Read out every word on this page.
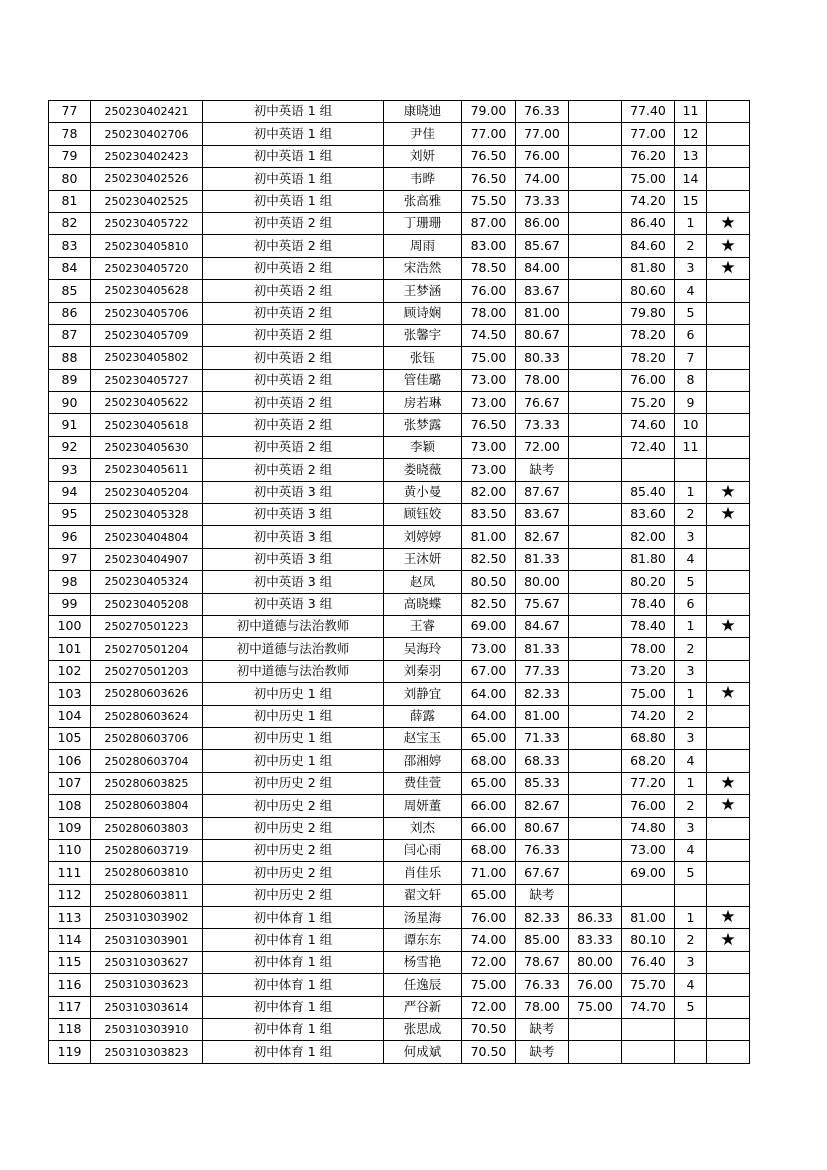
77	250230402421	初中英语 1 组	康晓迪	79.00	76.33		77.40	11	
78	250230402706	初中英语 1 组	尹佳	77.00	77.00		77.00	12	
79	250230402423	初中英语 1 组	刘妍	76.50	76.00		76.20	13	
80	250230402526	初中英语 1 组	韦晔	76.50	74.00		75.00	14	
81	250230402525	初中英语 1 组	张高雅	75.50	73.33		74.20	15	
82	250230405722	初中英语 2 组	丁珊珊	87.00	86.00		86.40	1	★
83	250230405810	初中英语 2 组	周雨	83.00	85.67		84.60	2	★
84	250230405720	初中英语 2 组	宋浩然	78.50	84.00		81.80	3	★
85	250230405628	初中英语 2 组	王梦涵	76.00	83.67		80.60	4	
86	250230405706	初中英语 2 组	顾诗娴	78.00	81.00		79.80	5	
87	250230405709	初中英语 2 组	张馨宇	74.50	80.67		78.20	6	
88	250230405802	初中英语 2 组	张钰	75.00	80.33		78.20	7	
89	250230405727	初中英语 2 组	管佳璐	73.00	78.00		76.00	8	
90	250230405622	初中英语 2 组	房若琳	73.00	76.67		75.20	9	
91	250230405618	初中英语 2 组	张梦露	76.50	73.33		74.60	10	
92	250230405630	初中英语 2 组	李颖	73.00	72.00		72.40	11	
93	250230405611	初中英语 2 组	娄晓薇	73.00	缺考				
94	250230405204	初中英语 3 组	黄小曼	82.00	87.67		85.40	1	★
95	250230405328	初中英语 3 组	顾钰姣	83.50	83.67		83.60	2	★
96	250230404804	初中英语 3 组	刘婷婷	81.00	82.67		82.00	3	
97	250230404907	初中英语 3 组	王沐妍	82.50	81.33		81.80	4	
98	250230405324	初中英语 3 组	赵凤	80.50	80.00		80.20	5	
99	250230405208	初中英语 3 组	高晓蝶	82.50	75.67		78.40	6	
100	250270501223	初中道德与法治教师	王睿	69.00	84.67		78.40	1	★
101	250270501204	初中道德与法治教师	吴海玲	73.00	81.33		78.00	2	
102	250270501203	初中道德与法治教师	刘秦羽	67.00	77.33		73.20	3	
103	250280603626	初中历史 1 组	刘静宜	64.00	82.33		75.00	1	★
104	250280603624	初中历史 1 组	薛露	64.00	81.00		74.20	2	
105	250280603706	初中历史 1 组	赵宝玉	65.00	71.33		68.80	3	
106	250280603704	初中历史 1 组	邵湘婷	68.00	68.33		68.20	4	
107	250280603825	初中历史 2 组	费佳萱	65.00	85.33		77.20	1	★
108	250280603804	初中历史 2 组	周妍董	66.00	82.67		76.00	2	★
109	250280603803	初中历史 2 组	刘杰	66.00	80.67		74.80	3	
110	250280603719	初中历史 2 组	闫心雨	68.00	76.33		73.00	4	
111	250280603810	初中历史 2 组	肖佳乐	71.00	67.67		69.00	5	
112	250280603811	初中历史 2 组	翟文轩	65.00	缺考				
113	250310303902	初中体育 1 组	汤星海	76.00	82.33	86.33	81.00	1	★
114	250310303901	初中体育 1 组	谭东东	74.00	85.00	83.33	80.10	2	★
115	250310303627	初中体育 1 组	杨雪艳	72.00	78.67	80.00	76.40	3	
116	250310303623	初中体育 1 组	任逸辰	75.00	76.33	76.00	75.70	4	
117	250310303614	初中体育 1 组	严谷新	72.00	78.00	75.00	74.70	5	
118	250310303910	初中体育 1 组	张思成	70.50	缺考				
119	250310303823	初中体育 1 组	何成斌	70.50	缺考				
